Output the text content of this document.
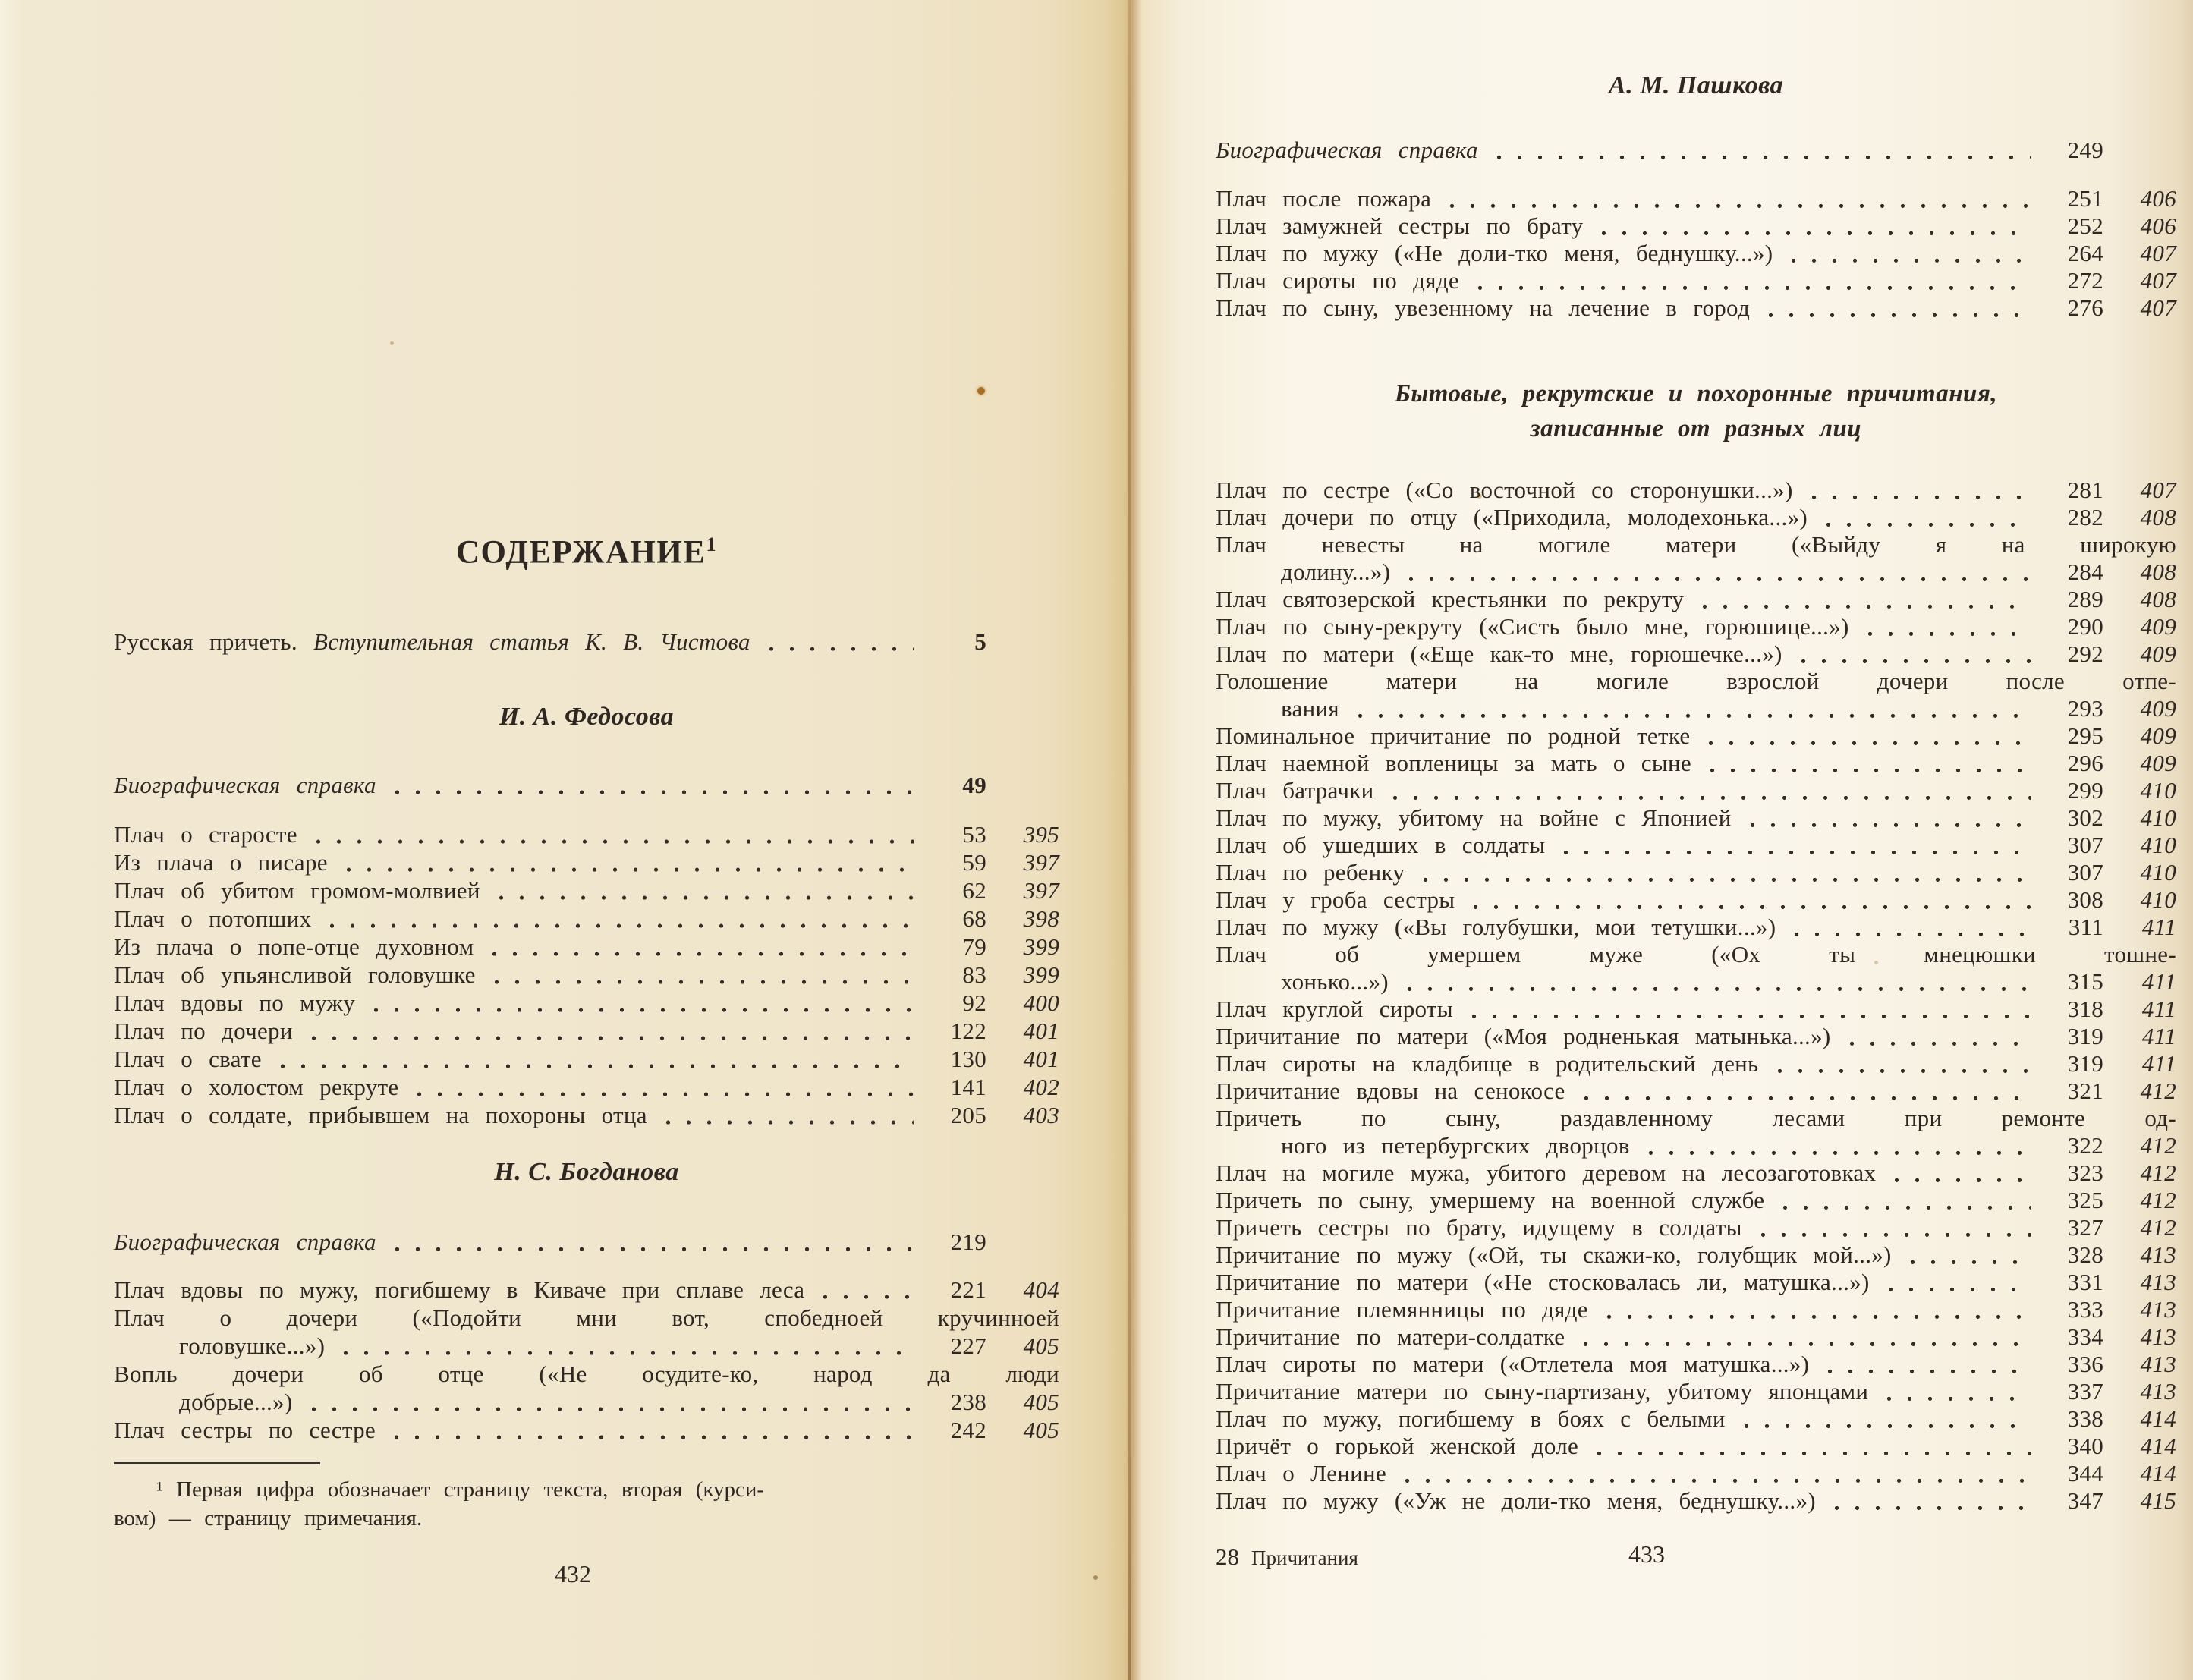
СОДЕРЖАНИЕ$^1$
Русская причеть. Вступительная статья К. В. Чистова	5
И. А. Федосова
Биографическая справка	49
Плач о старосте	53	395
Из плача о писаре	59	397
Плач об убитом громом-молвией	62	397
Плач о потопших	68	398
Из плача о попе-отце духовном	79	399
Плач об упьянсливой головушке	83	399
Плач вдовы по мужу	92	400
Плач по дочери	122	401
Плач о свате	130	401
Плач о холостом рекруте	141	402
Плач о солдате, прибывшем на похороны отца	205	403
Н. С. Богданова
Биографическая справка	219
Плач вдовы по мужу, погибшему в Киваче при сплаве леса	221	404
Плач о дочери («Подойти мни вот, спобедноей кручинноей
головушке...»)	227	405
Вопль дочери об отце («Не осудите-ко, народ да люди
добрые...»)	238	405
Плач сестры по сестре	242	405
¹ Первая цифра обозначает страницу текста, вторая (курси-
вом) — страницу примечания.
432
А. М. Пашкова
Биографическая справка	249
Плач после пожара	251	406
Плач замужней сестры по брату	252	406
Плач по мужу («Не доли-тко меня, беднушку...»)	264	407
Плач сироты по дяде	272	407
Плач по сыну, увезенному на лечение в город	276	407
Бытовые, рекрутские и похоронные причитания,
записанные от разных лиц
Плач по сестре («Со восточной со сторонушки...»)	281	407
Плач дочери по отцу («Приходила, молодехонька...»)	282	408
Плач невесты на могиле матери («Выйду я на широкую
долину...»)	284	408
Плач святозерской крестьянки по рекруту	289	408
Плач по сыну-рекруту («Систь было мне, горюшице...»)	290	409
Плач по матери («Еще как-то мне, горюшечке...»)	292	409
Голошение матери на могиле взрослой дочери после отпе-
вания	293	409
Поминальное причитание по родной тетке	295	409
Плач наемной вопленицы за мать о сыне	296	409
Плач батрачки	299	410
Плач по мужу, убитому на войне с Японией	302	410
Плач об ушедших в солдаты	307	410
Плач по ребенку	307	410
Плач у гроба сестры	308	410
Плач по мужу («Вы голубушки, мои тетушки...»)	311	411
Плач об умершем муже («Ох ты мнецюшки тошне-
хонько...»)	315	411
Плач круглой сироты	318	411
Причитание по матери («Моя родненькая матынька...»)	319	411
Плач сироты на кладбище в родительский день	319	411
Причитание вдовы на сенокосе	321	412
Причеть по сыну, раздавленному лесами при ремонте од-
ного из петербургских дворцов	322	412
Плач на могиле мужа, убитого деревом на лесозаготовках	323	412
Причеть по сыну, умершему на военной службе	325	412
Причеть сестры по брату, идущему в солдаты	327	412
Причитание по мужу («Ой, ты скажи-ко, голубщик мой...»)	328	413
Причитание по матери («Не стосковалась ли, матушка...»)	331	413
Причитание племянницы по дяде	333	413
Причитание по матери-солдатке	334	413
Плач сироты по матери («Отлетела моя матушка...»)	336	413
Причитание матери по сыну-партизану, убитому японцами	337	413
Плач по мужу, погибшему в боях с белыми	338	414
Причёт о горькой женской доле	340	414
Плач о Ленине	344	414
Плач по мужу («Уж не доли-тко меня, беднушку...»)	347	415
28 Причитания	433
